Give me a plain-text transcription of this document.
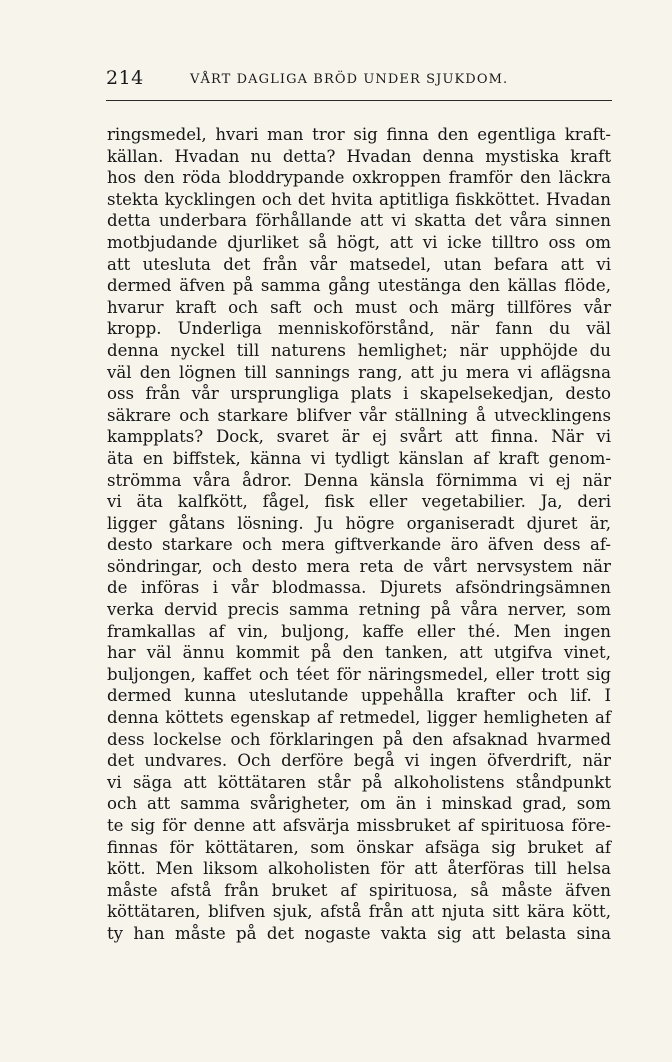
214	VÅRT DAGLIGA BRÖD UNDER SJUKDOM.
ringsmedel, hvari man tror sig finna den egentliga kraft-
källan. Hvadan nu detta? Hvadan denna mystiska kraft
hos den röda bloddrypande oxkroppen framför den läckra
stekta kycklingen och det hvita aptitliga fiskköttet. Hvadan
detta underbara förhållande att vi skatta det våra sinnen
motbjudande djurliket så högt, att vi icke tilltro oss om
att utesluta det från vår matsedel, utan befara att vi
dermed äfven på samma gång utestänga den källas flöde,
hvarur kraft och saft och must och märg tillföres vår
kropp. Underliga menniskoförstånd, när fann du väl
denna nyckel till naturens hemlighet; när upphöjde du
väl den lögnen till sannings rang, att ju mera vi aflägsna
oss från vår ursprungliga plats i skapelsekedjan, desto
säkrare och starkare blifver vår ställning å utvecklingens
kampplats? Dock, svaret är ej svårt att finna. När vi
äta en biffstek, känna vi tydligt känslan af kraft genom-
strömma våra ådror. Denna känsla förnimma vi ej när
vi äta kalfkött, fågel, fisk eller vegetabilier. Ja, deri
ligger gåtans lösning. Ju högre organiseradt djuret är,
desto starkare och mera giftverkande äro äfven dess af-
söndringar, och desto mera reta de vårt nervsystem när
de införas i vår blodmassa. Djurets afsöndringsämnen
verka dervid precis samma retning på våra nerver, som
framkallas af vin, buljong, kaffe eller thé. Men ingen
har väl ännu kommit på den tanken, att utgifva vinet,
buljongen, kaffet och téet för näringsmedel, eller trott sig
dermed kunna uteslutande uppehålla krafter och lif. I
denna köttets egenskap af retmedel, ligger hemligheten af
dess lockelse och förklaringen på den afsaknad hvarmed
det undvares. Och derföre begå vi ingen öfverdrift, när
vi säga att köttätaren står på alkoholistens ståndpunkt
och att samma svårigheter, om än i minskad grad, som
te sig för denne att afsvärja missbruket af spirituosa före-
finnas för köttätaren, som önskar afsäga sig bruket af
kött. Men liksom alkoholisten för att återföras till helsa
måste afstå från bruket af spirituosa, så måste äfven
köttätaren, blifven sjuk, afstå från att njuta sitt kära kött,
ty han måste på det nogaste vakta sig att belasta sina
